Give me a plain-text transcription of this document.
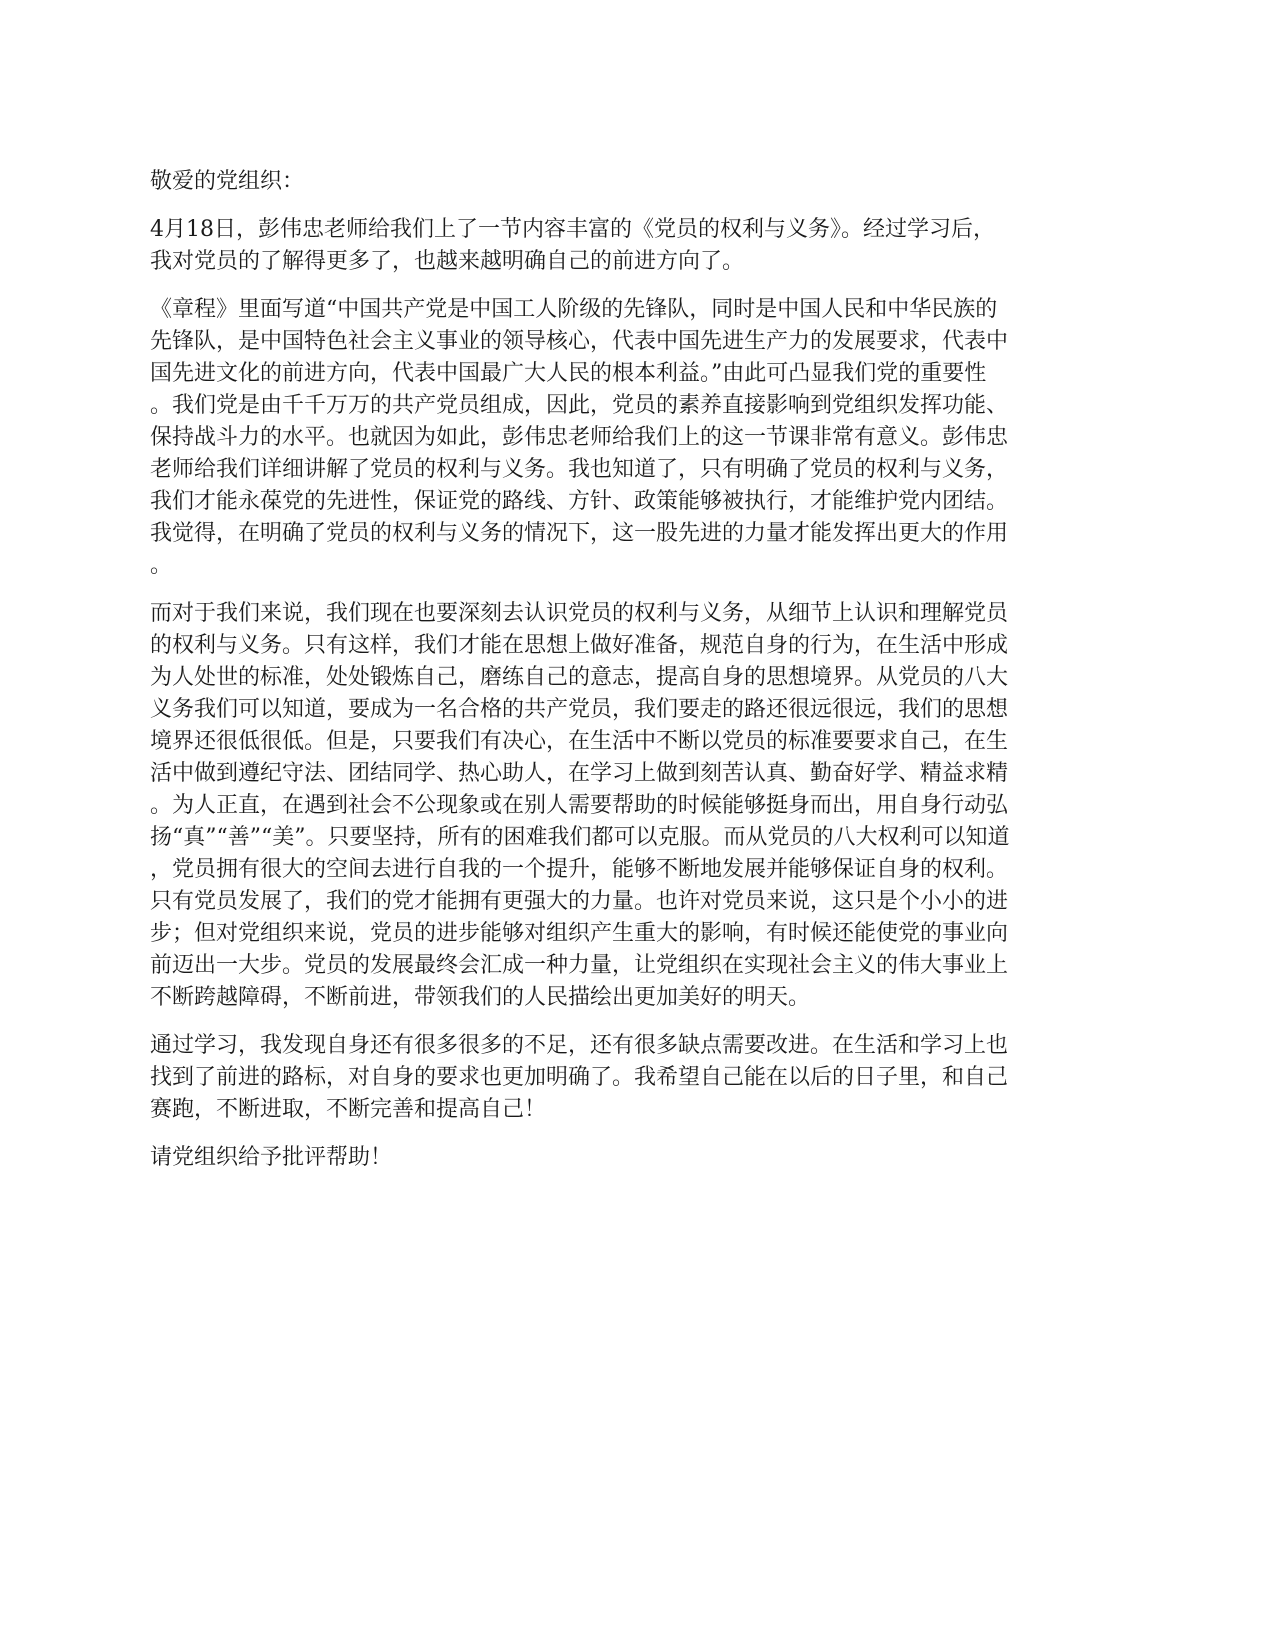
敬爱的党组织：

4月18日，彭伟忠老师给我们上了一节内容丰富的《党员的权利与义务》。经过学习后，
我对党员的了解得更多了，也越来越明确自己的前进方向了。

《章程》里面写道“中国共产党是中国工人阶级的先锋队，同时是中国人民和中华民族的
先锋队，是中国特色社会主义事业的领导核心，代表中国先进生产力的发展要求，代表中
国先进文化的前进方向，代表中国最广大人民的根本利益。”由此可凸显我们党的重要性
。我们党是由千千万万的共产党员组成，因此，党员的素养直接影响到党组织发挥功能、
保持战斗力的水平。也就因为如此，彭伟忠老师给我们上的这一节课非常有意义。彭伟忠
老师给我们详细讲解了党员的权利与义务。我也知道了，只有明确了党员的权利与义务，
我们才能永葆党的先进性，保证党的路线、方针、政策能够被执行，才能维护党内团结。
我觉得，在明确了党员的权利与义务的情况下，这一股先进的力量才能发挥出更大的作用
。

而对于我们来说，我们现在也要深刻去认识党员的权利与义务，从细节上认识和理解党员
的权利与义务。只有这样，我们才能在思想上做好准备，规范自身的行为，在生活中形成
为人处世的标准，处处锻炼自己，磨练自己的意志，提高自身的思想境界。从党员的八大
义务我们可以知道，要成为一名合格的共产党员，我们要走的路还很远很远，我们的思想
境界还很低很低。但是，只要我们有决心，在生活中不断以党员的标准要要求自己，在生
活中做到遵纪守法、团结同学、热心助人，在学习上做到刻苦认真、勤奋好学、精益求精
。为人正直，在遇到社会不公现象或在别人需要帮助的时候能够挺身而出，用自身行动弘
扬“真”“善”“美”。只要坚持，所有的困难我们都可以克服。而从党员的八大权利可以知道
，党员拥有很大的空间去进行自我的一个提升，能够不断地发展并能够保证自身的权利。
只有党员发展了，我们的党才能拥有更强大的力量。也许对党员来说，这只是个小小的进
步；但对党组织来说，党员的进步能够对组织产生重大的影响，有时候还能使党的事业向
前迈出一大步。党员的发展最终会汇成一种力量，让党组织在实现社会主义的伟大事业上
不断跨越障碍，不断前进，带领我们的人民描绘出更加美好的明天。

通过学习，我发现自身还有很多很多的不足，还有很多缺点需要改进。在生活和学习上也
找到了前进的路标，对自身的要求也更加明确了。我希望自己能在以后的日子里，和自己
赛跑，不断进取，不断完善和提高自己！

请党组织给予批评帮助！
